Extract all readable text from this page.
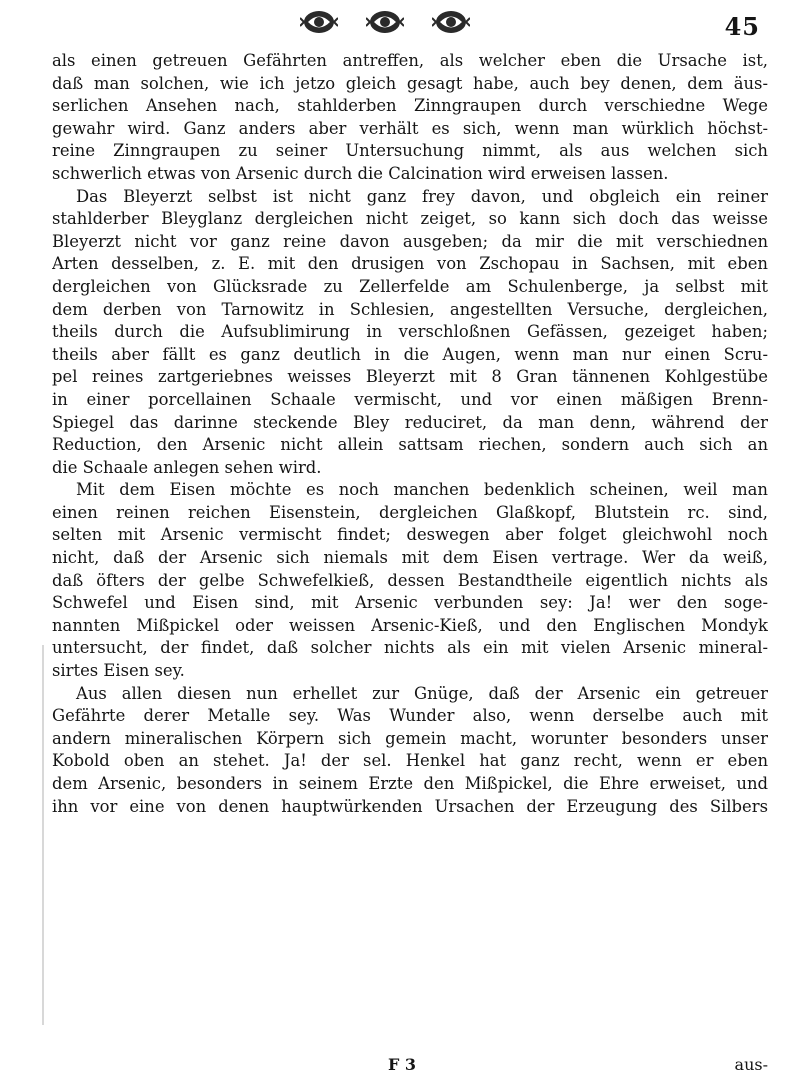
45
als einen getreuen Gefährten antreffen, als welcher eben die Ursache ist,
daß man solchen, wie ich jetzo gleich gesagt habe, auch bey denen, dem äus-
serlichen Ansehen nach, stahlderben Zinngraupen durch verschiedne Wege
gewahr wird. Ganz anders aber verhält es sich, wenn man würklich höchst-
reine Zinngraupen zu seiner Untersuchung nimmt, als aus welchen sich
schwerlich etwas von Arsenic durch die Calcination wird erweisen lassen.
Das Bleyerzt selbst ist nicht ganz frey davon, und obgleich ein reiner
stahlderber Bleyglanz dergleichen nicht zeiget, so kann sich doch das weisse
Bleyerzt nicht vor ganz reine davon ausgeben; da mir die mit verschiednen
Arten desselben, z. E. mit den drusigen von Zschopau in Sachsen, mit eben
dergleichen von Glücksrade zu Zellerfelde am Schulenberge, ja selbst mit
dem derben von Tarnowitz in Schlesien, angestellten Versuche, dergleichen,
theils durch die Aufsublimirung in verschloßnen Gefässen, gezeiget haben;
theils aber fällt es ganz deutlich in die Augen, wenn man nur einen Scru-
pel reines zartgeriebnes weisses Bleyerzt mit 8 Gran tännenen Kohlgestübe
in einer porcellainen Schaale vermischt, und vor einen mäßigen Brenn-
Spiegel das darinne steckende Bley reduciret, da man denn, während der
Reduction, den Arsenic nicht allein sattsam riechen, sondern auch sich an
die Schaale anlegen sehen wird.
Mit dem Eisen möchte es noch manchen bedenklich scheinen, weil man
einen reinen reichen Eisenstein, dergleichen Glaßkopf, Blutstein rc. sind,
selten mit Arsenic vermischt findet; deswegen aber folget gleichwohl noch
nicht, daß der Arsenic sich niemals mit dem Eisen vertrage. Wer da weiß,
daß öfters der gelbe Schwefelkieß, dessen Bestandtheile eigentlich nichts als
Schwefel und Eisen sind, mit Arsenic verbunden sey: Ja! wer den soge-
nannten Mißpickel oder weissen Arsenic-Kieß, und den Englischen Mondyk
untersucht, der findet, daß solcher nichts als ein mit vielen Arsenic mineral-
sirtes Eisen sey.
Aus allen diesen nun erhellet zur Gnüge, daß der Arsenic ein getreuer
Gefährte derer Metalle sey. Was Wunder also, wenn derselbe auch mit
andern mineralischen Körpern sich gemein macht, worunter besonders unser
Kobold oben an stehet. Ja! der sel. Henkel hat ganz recht, wenn er eben
dem Arsenic, besonders in seinem Erzte den Mißpickel, die Ehre erweiset, und
ihn vor eine von denen hauptwürkenden Ursachen der Erzeugung des Silbers
F 3	aus-
